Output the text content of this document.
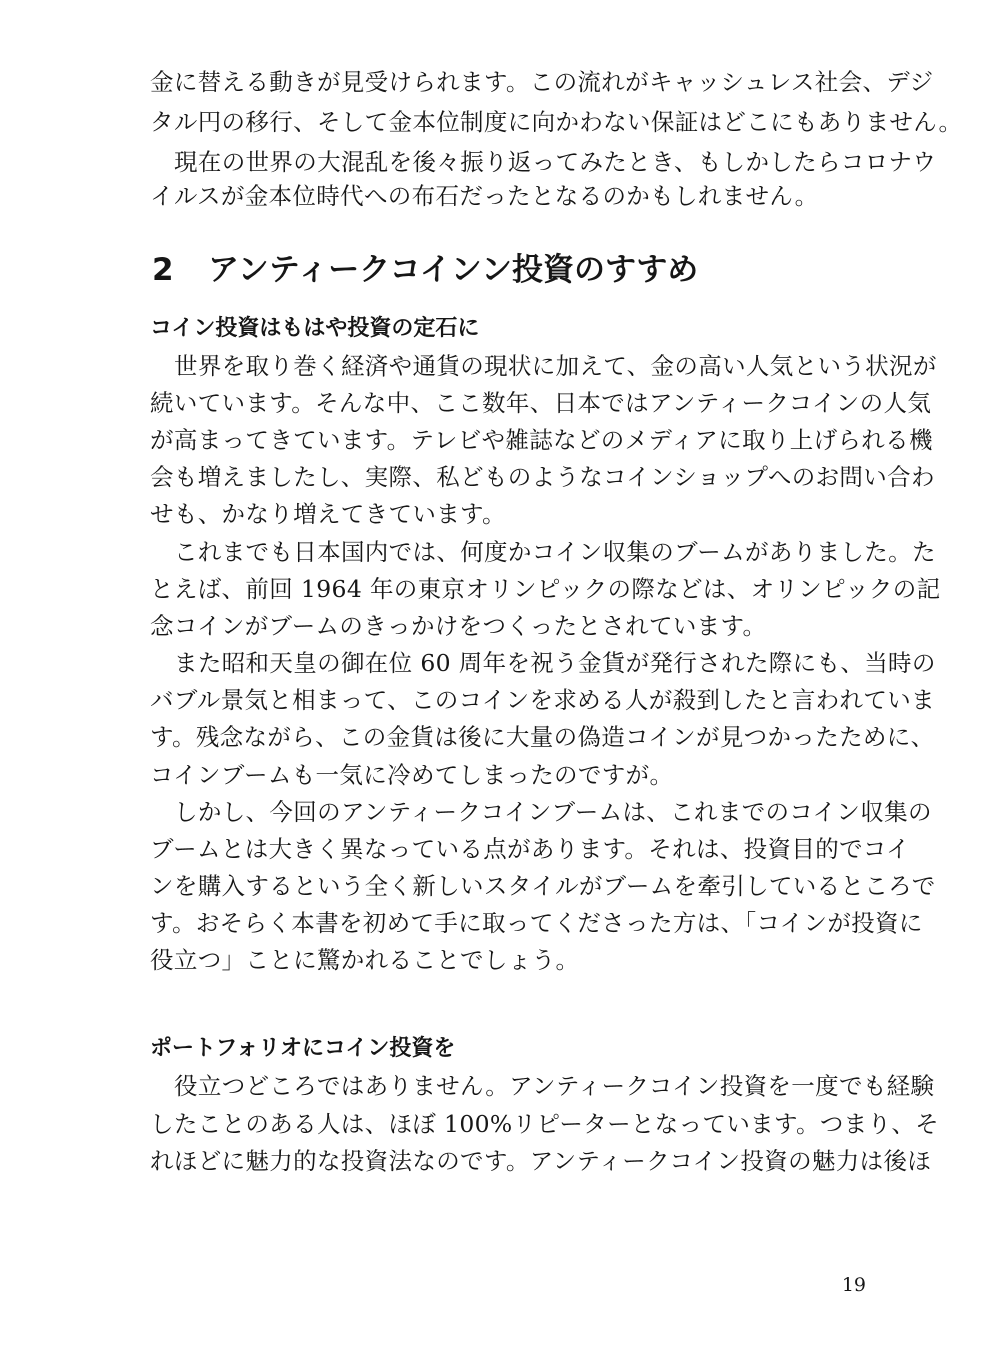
金に替える動きが見受けられます。この流れがキャッシュレス社会、デジ
タル円の移行、そして金本位制度に向かわない保証はどこにもありません。
現在の世界の大混乱を後々振り返ってみたとき、もしかしたらコロナウ
イルスが金本位時代への布石だったとなるのかもしれません。
2 アンティークコインン投資のすすめ
コイン投資はもはや投資の定石に
世界を取り巻く経済や通貨の現状に加えて、金の高い人気という状況が
続いています。そんな中、ここ数年、日本ではアンティークコインの人気
が高まってきています。テレビや雑誌などのメディアに取り上げられる機
会も増えましたし、実際、私どものようなコインショップへのお問い合わ
せも、かなり増えてきています。
これまでも日本国内では、何度かコイン収集のブームがありました。た
とえば、前回 1964 年の東京オリンピックの際などは、オリンピックの記
念コインがブームのきっかけをつくったとされています。
また昭和天皇の御在位 60 周年を祝う金貨が発行された際にも、当時の
バブル景気と相まって、このコインを求める人が殺到したと言われていま
す。残念ながら、この金貨は後に大量の偽造コインが見つかったために、
コインブームも一気に冷めてしまったのですが。
しかし、今回のアンティークコインブームは、これまでのコイン収集の
ブームとは大きく異なっている点があります。それは、投資目的でコイ
ンを購入するという全く新しいスタイルがブームを牽引しているところで
す。おそらく本書を初めて手に取ってくださった方は、「コインが投資に
役立つ」ことに驚かれることでしょう。
ポートフォリオにコイン投資を
役立つどころではありません。アンティークコイン投資を一度でも経験
したことのある人は、ほぼ 100%リピーターとなっています。つまり、そ
れほどに魅力的な投資法なのです。アンティークコイン投資の魅力は後ほ
19
